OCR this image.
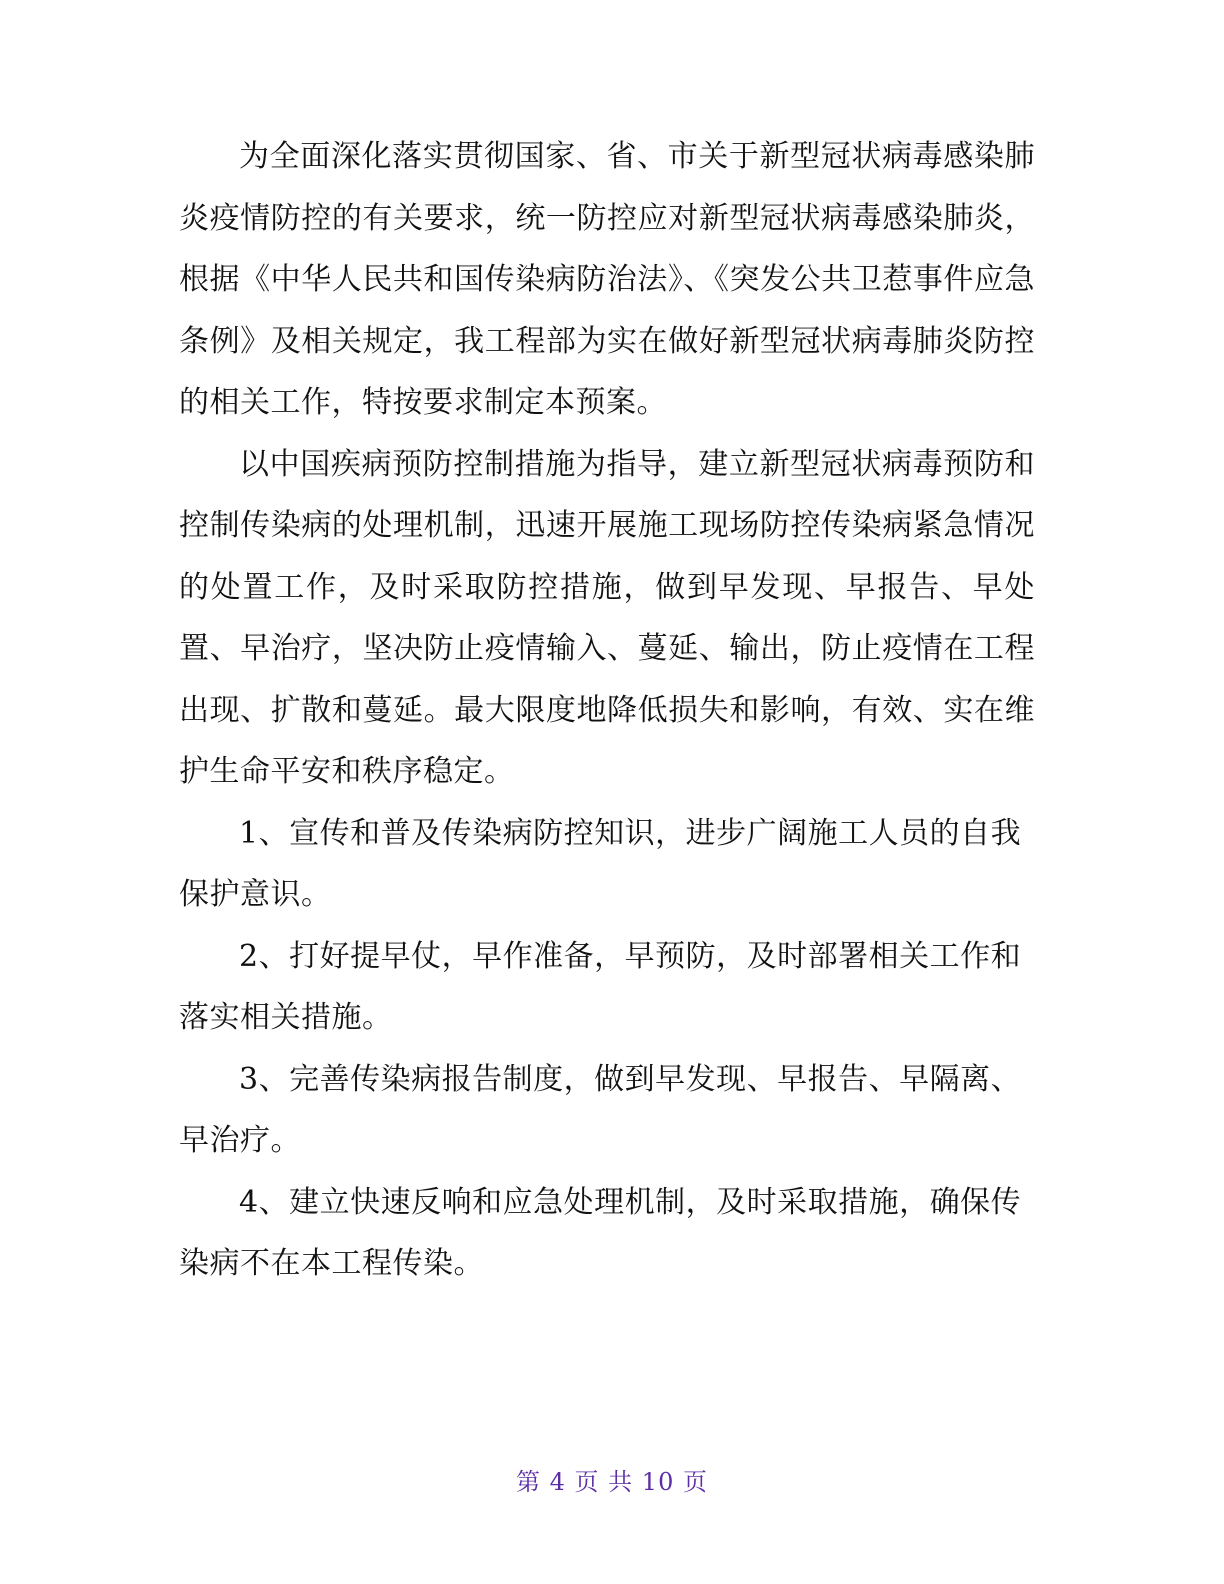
为全面深化落实贯彻国家、省、市关于新型冠状病毒感染肺炎疫情防控的有关要求，统一防控应对新型冠状病毒感染肺炎，根据《中华人民共和国传染病防治法》、《突发公共卫惹事件应急条例》及相关规定，我工程部为实在做好新型冠状病毒肺炎防控的相关工作，特按要求制定本预案。

以中国疾病预防控制措施为指导，建立新型冠状病毒预防和控制传染病的处理机制，迅速开展施工现场防控传染病紧急情况的处置工作，及时采取防控措施，做到早发现、早报告、早处置、早治疗，坚决防止疫情输入、蔓延、输出，防止疫情在工程出现、扩散和蔓延。最大限度地降低损失和影响，有效、实在维护生命平安和秩序稳定。

1、宣传和普及传染病防控知识，进步广阔施工人员的自我保护意识。

2、打好提早仗，早作准备，早预防，及时部署相关工作和落实相关措施。

3、完善传染病报告制度，做到早发现、早报告、早隔离、早治疗。

4、建立快速反响和应急处理机制，及时采取措施，确保传染病不在本工程传染。

第 4 页 共 10 页
